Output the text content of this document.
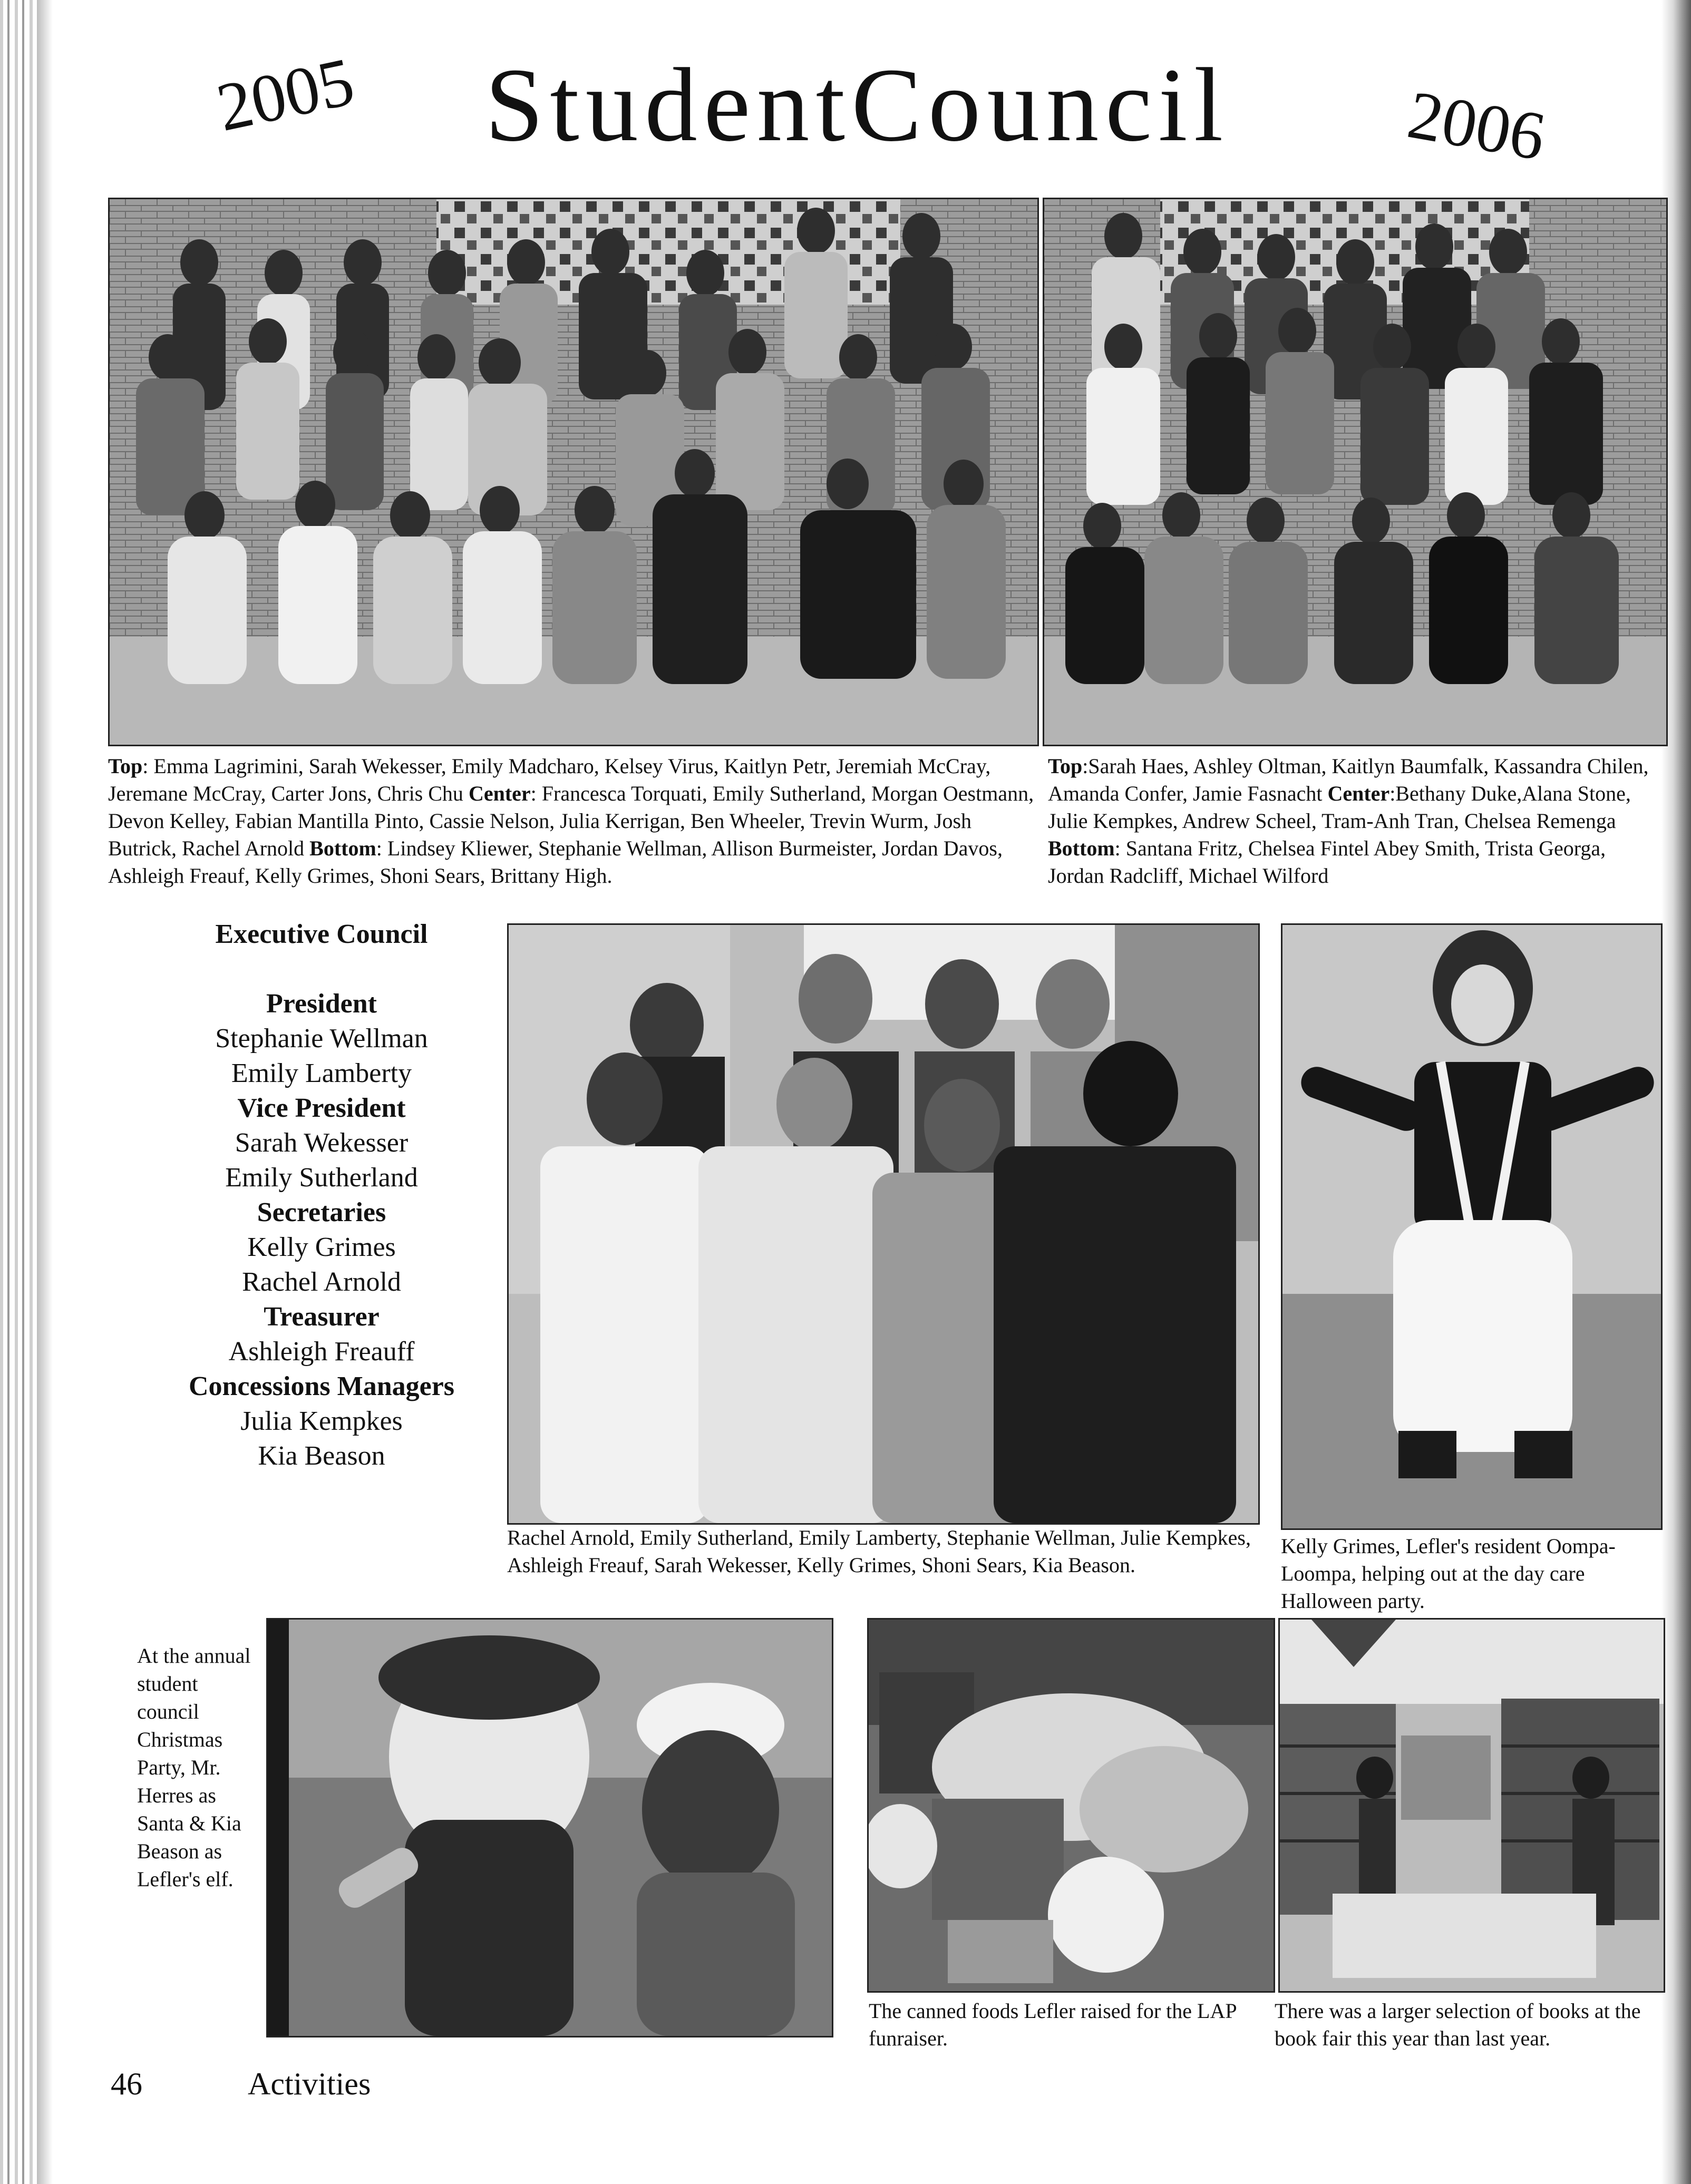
2005 StudentCouncil	2006
Top: Emma Lagrimini, Sarah Wekesser, Emily Madcharo, Kelsey Virus, Kaitlyn Petr, Jeremiah McCray, Jeremane McCray, Carter Jons, Chris Chu Center: Francesca Torquati, Emily Sutherland, Morgan Oestmann, Devon Kelley, Fabian Mantilla Pinto, Cassie Nelson, Julia Kerrigan, Ben Wheeler, Trevin Wurm, Josh Butrick, Rachel Arnold Bottom: Lindsey Kliewer, Stephanie Wellman, Allison Burmeister, Jordan Davos, Ashleigh Freauf, Kelly Grimes, Shoni Sears, Brittany High.
Top:Sarah Haes, Ashley Oltman, Kaitlyn Baumfalk, Kassandra Chilen, Amanda Confer, Jamie Fasnacht Center:Bethany Duke,Alana Stone, Julie Kempkes, Andrew Scheel, Tram-Anh Tran, Chelsea Remenga Bottom: Santana Fritz, Chelsea Fintel Abey Smith, Trista Georga, Jordan Radcliff, Michael Wilford
Executive Council
President
Stephanie Wellman
Emily Lamberty
Vice President
Sarah Wekesser
Emily Sutherland
Secretaries
Kelly Grimes
Rachel Arnold
Treasurer
Ashleigh Freauff
Concessions Managers
Julia Kempkes
Kia Beason
Rachel Arnold, Emily Sutherland, Emily Lamberty, Stephanie Wellman, Julie Kempkes, Ashleigh Freauf, Sarah Wekesser, Kelly Grimes, Shoni Sears, Kia Beason.
Kelly Grimes, Lefler's resident Oompa-Loompa, helping out at the day care Halloween party.
At the annual student council Christmas Party, Mr. Herres as Santa & Kia Beason as Lefler's elf.
The canned foods Lefler raised for the LAP funraiser.
There was a larger selection of books at the book fair this year than last year.
46	Activities
